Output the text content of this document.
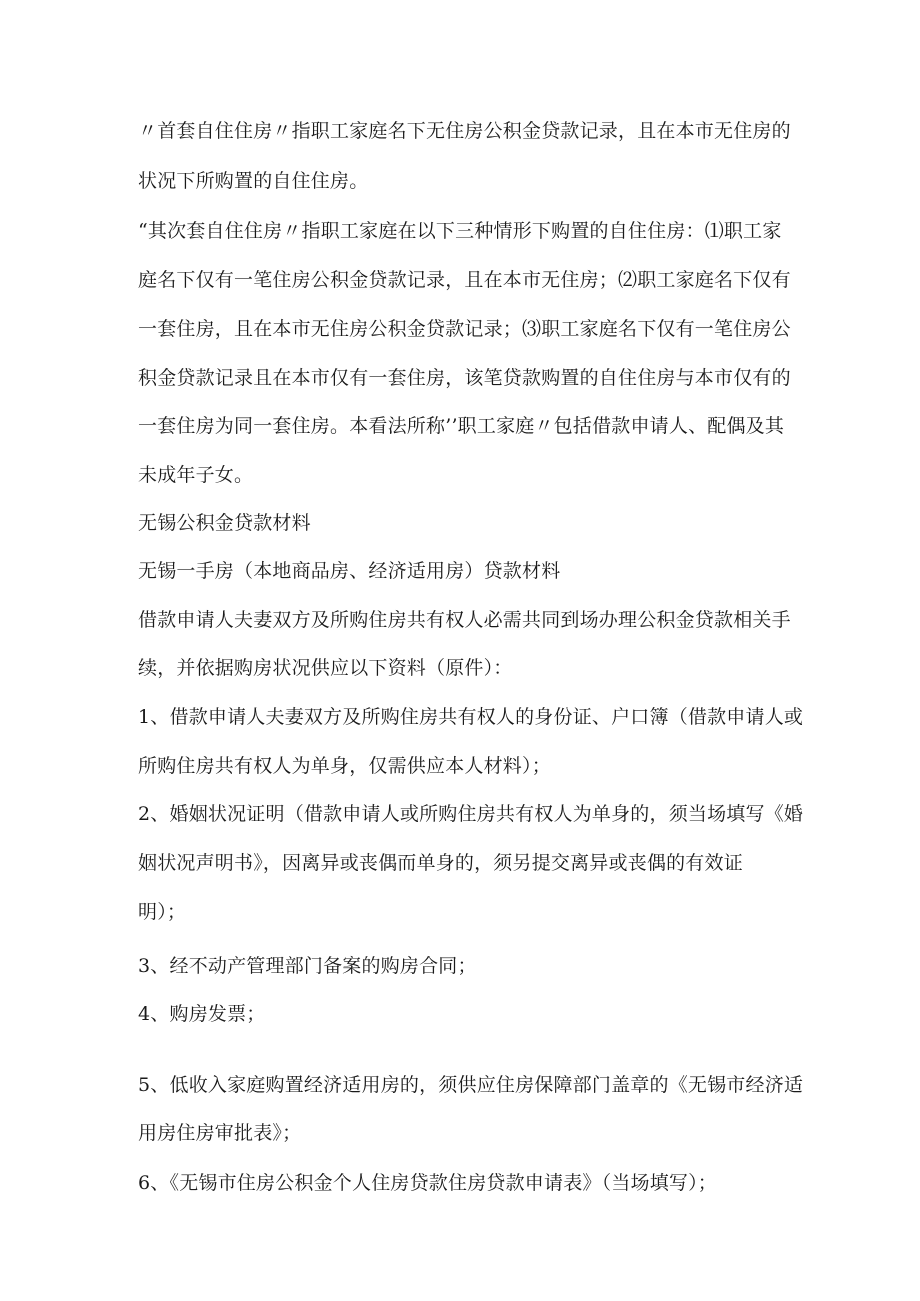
〃首套自住住房〃指职工家庭名下无住房公积金贷款记录，且在本市无住房的
状况下所购置的自住住房。
“其次套自住住房〃指职工家庭在以下三种情形下购置的自住住房：⑴职工家
庭名下仅有一笔住房公积金贷款记录，且在本市无住房；⑵职工家庭名下仅有
一套住房，且在本市无住房公积金贷款记录；⑶职工家庭名下仅有一笔住房公
积金贷款记录且在本市仅有一套住房，该笔贷款购置的自住住房与本市仅有的
一套住房为同一套住房。本看法所称’’职工家庭〃包括借款申请人、配偶及其
未成年子女。
无锡公积金贷款材料
无锡一手房（本地商品房、经济适用房）贷款材料
借款申请人夫妻双方及所购住房共有权人必需共同到场办理公积金贷款相关手
续，并依据购房状况供应以下资料（原件）：
1、借款申请人夫妻双方及所购住房共有权人的身份证、户口簿（借款申请人或
所购住房共有权人为单身，仅需供应本人材料）；
2、婚姻状况证明（借款申请人或所购住房共有权人为单身的，须当场填写《婚
姻状况声明书》，因离异或丧偶而单身的，须另提交离异或丧偶的有效证
明）；
3、经不动产管理部门备案的购房合同；
4、购房发票；
5、低收入家庭购置经济适用房的，须供应住房保障部门盖章的《无锡市经济适
用房住房审批表》；
6、《无锡市住房公积金个人住房贷款住房贷款申请表》（当场填写）；
